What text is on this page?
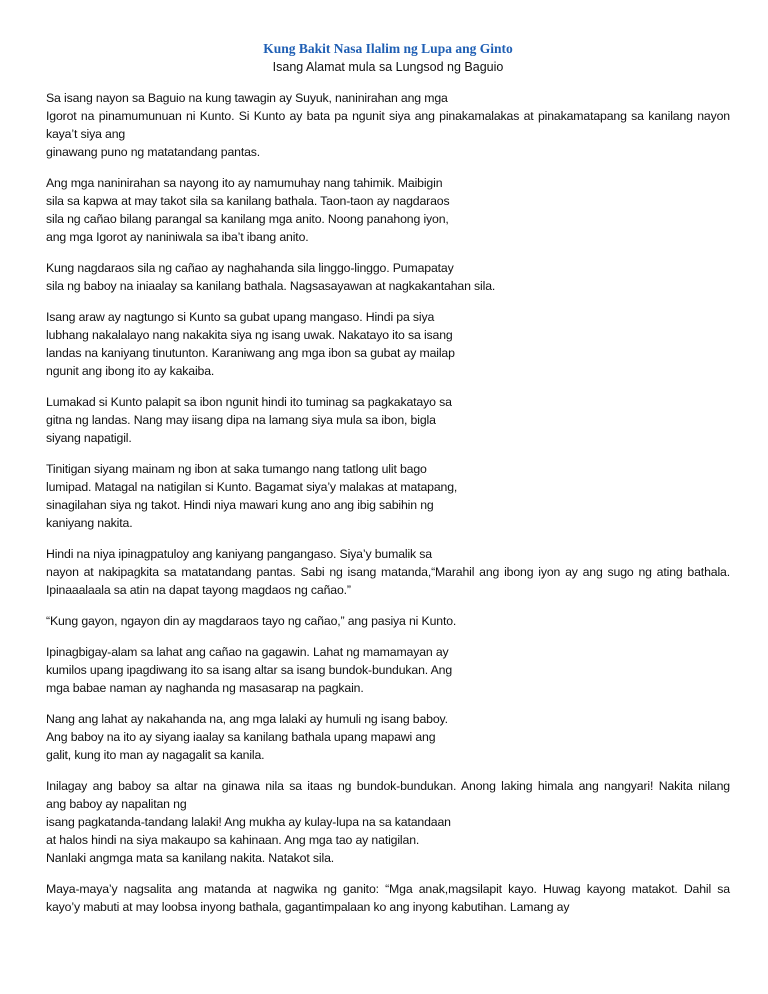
Kung Bakit Nasa Ilalim ng Lupa ang Ginto
Isang Alamat mula sa Lungsod ng Baguio
Sa isang nayon sa Baguio na kung tawagin ay Suyuk, naninirahan ang mga
Igorot na pinamumunuan ni Kunto. Si Kunto ay bata pa ngunit siya ang pinakamalakas at pinakamatapang sa kanilang nayon
kaya’t siya ang
ginawang puno ng matatandang pantas.
Ang mga naninirahan sa nayong ito ay namumuhay nang tahimik. Maibigin
sila sa kapwa at may takot sila sa kanilang bathala. Taon-taon ay nagdaraos
sila ng cañao bilang parangal sa kanilang mga anito. Noong panahong iyon,
ang mga Igorot ay naniniwala sa iba’t ibang anito.
Kung nagdaraos sila ng cañao ay naghahanda sila linggo-linggo. Pumapatay
sila ng baboy na iniaalay sa kanilang bathala. Nagsasayawan at nagkakantahan sila.
Isang araw ay nagtungo si Kunto sa gubat upang mangaso. Hindi pa siya
lubhang nakalalayo nang nakakita siya ng isang uwak. Nakatayo ito sa isang
landas na kaniyang tinutunton. Karaniwang ang mga ibon sa gubat ay mailap
ngunit ang ibong ito ay kakaiba.
Lumakad si Kunto palapit sa ibon ngunit hindi ito tuminag sa pagkakatayo sa
gitna ng landas. Nang may iisang dipa na lamang siya mula sa ibon, bigla
siyang napatigil.
Tinitigan siyang mainam ng ibon at saka tumango nang tatlong ulit bago
lumipad. Matagal na natigilan si Kunto. Bagamat siya’y malakas at matapang,
sinagilahan siya ng takot. Hindi niya mawari kung ano ang ibig sabihin ng
kaniyang nakita.
Hindi na niya ipinagpatuloy ang kaniyang pangangaso. Siya’y bumalik sa
nayon at nakipagkita sa matatandang pantas. Sabi ng isang matanda,“Marahil ang ibong iyon ay ang sugo ng ating bathala.
Ipinaaalaala sa atin na dapat tayong magdaos ng cañao.”
“Kung gayon, ngayon din ay magdaraos tayo ng cañao,” ang pasiya ni Kunto.
Ipinagbigay-alam sa lahat ang cañao na gagawin. Lahat ng mamamayan ay
kumilos upang ipagdiwang ito sa isang altar sa isang bundok-bundukan. Ang
mga babae naman ay naghanda ng masasarap na pagkain.
Nang ang lahat ay nakahanda na, ang mga lalaki ay humuli ng isang baboy.
Ang baboy na ito ay siyang iaalay sa kanilang bathala upang mapawi ang
galit, kung ito man ay nagagalit sa kanila.
Inilagay ang baboy sa altar na ginawa nila sa itaas ng bundok-bundukan. Anong laking himala ang nangyari! Nakita nilang
ang baboy ay napalitan ng
isang pagkatanda-tandang lalaki! Ang mukha ay kulay-lupa na sa katandaan
at halos hindi na siya makaupo sa kahinaan. Ang mga tao ay natigilan.
Nanlaki angmga mata sa kanilang nakita. Natakot sila.
Maya-maya’y nagsalita ang matanda at nagwika ng ganito: “Mga anak,magsilapit kayo. Huwag kayong matakot. Dahil sa
kayo’y mabuti at may loobsa inyong bathala, gagantimpalaan ko ang inyong kabutihan. Lamang ay
